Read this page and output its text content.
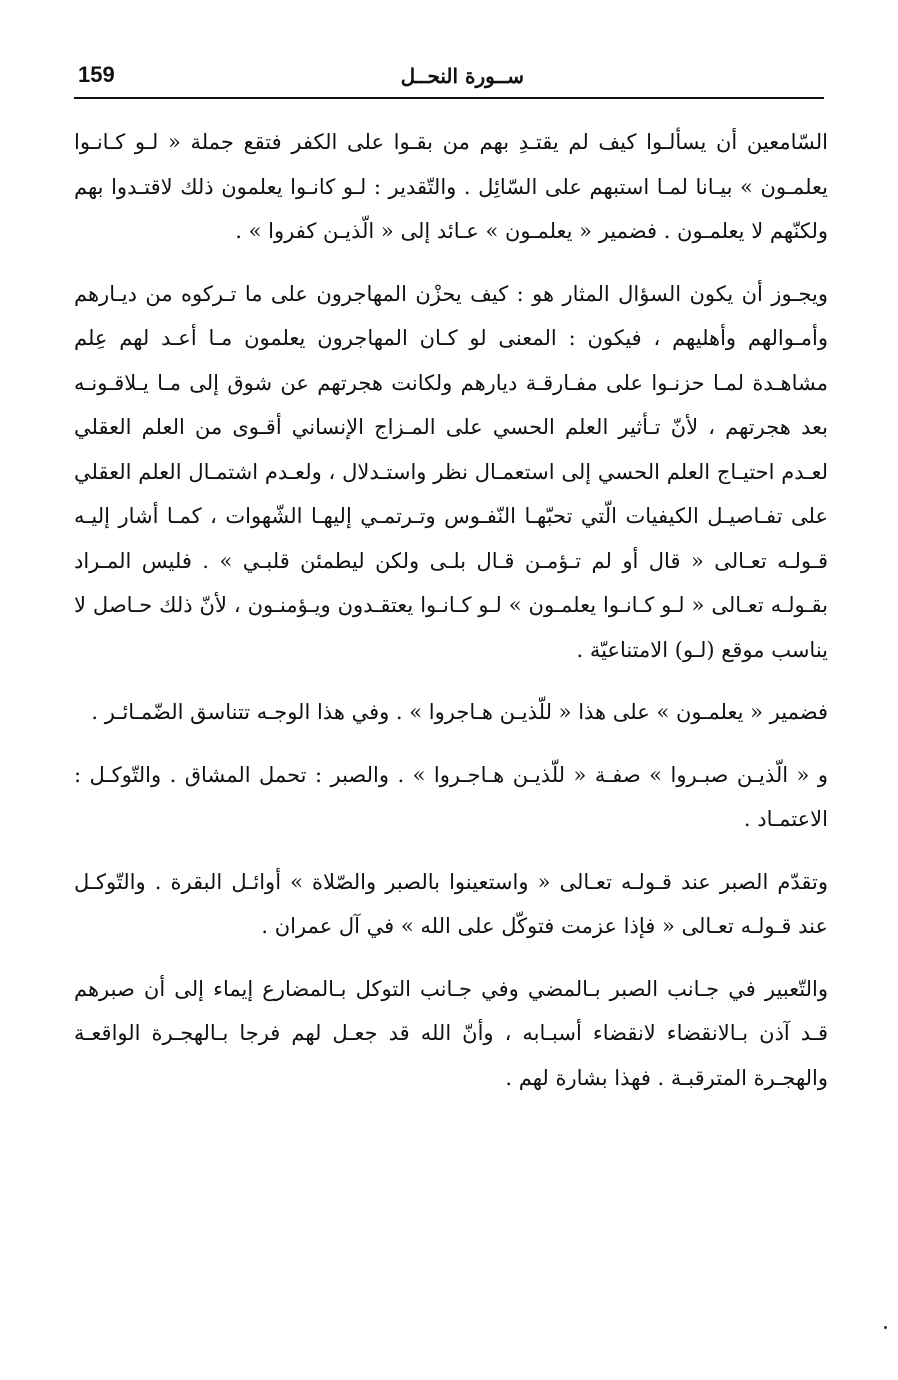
159	ســورة النحــل

السّامعين أن يسألـوا كيف لم يقتـدِ بهم من بقـوا على الكفر فتقع جملة « لـو كـانـوا يعلمـون » بيـانا لمـا استبهم على السّائِل . والتّقدير : لـو كانـوا يعلمون ذلك لاقتـدوا بهم ولكنّهم لا يعلمـون . فضمير « يعلمـون » عـائد إلى « الّذيـن كفروا » .

ويجـوز أن يكون السؤال المثار هو : كيف يحزْن المهاجرون على ما تـركوه من ديـارهم وأمـوالهم وأهليهم ، فيكون : المعنى لو كـان المهاجرون يعلمون مـا أعـد لهم عِلم مشاهـدة لمـا حزنـوا على مفـارقـة ديارهم ولكانت هجرتهم عن شوق إلى مـا يـلاقـونـه بعد هجرتهم ، لأنّ تـأثير العلم الحسي على المـزاج الإنساني أقـوى من العلم العقلي لعـدم احتيـاج العلم الحسي إلى استعمـال نظر واستـدلال ، ولعـدم اشتمـال العلم العقلي على تفـاصيـل الكيفيات الّتي تحبّهـا النّفـوس وتـرتمـي إليهـا الشّهوات ، كمـا أشار إليـه قـولـه تعـالى « قال أو لم تـؤمـن قـال بلـى ولكن ليطمئن قلبـي » . فليس المـراد بقـولـه تعـالى « لـو كـانـوا يعلمـون » لـو كـانـوا يعتقـدون ويـؤمنـون ، لأنّ ذلك حـاصل لا يناسب موقع (لـو) الامتناعيّة .

فضمير « يعلمـون » على هذا « للّذيـن هـاجروا » . وفي هذا الوجـه تتناسق الضّمـائـر .

و « الّذيـن صبـروا » صفـة « للّذيـن هـاجـروا » . والصبر : تحمل المشاق . والتّوكـل : الاعتمـاد .

وتقدّم الصبر عند قـولـه تعـالى « واستعينوا بالصبر والصّلاة » أوائـل البقرة . والتّوكـل عند قـولـه تعـالى « فإذا عزمت فتوكّل على الله » في آل عمران .

والتّعبير في جـانب الصبر بـالمضي وفي جـانب التوكل بـالمضارع إيماء إلى أن صبرهم قـد آذن بـالانقضاء لانقضاء أسبـابه ، وأنّ الله قد جعـل لهم فرجا بـالهجـرة الواقعـة والهجـرة المترقبـة . فهذا بشارة لهم .
